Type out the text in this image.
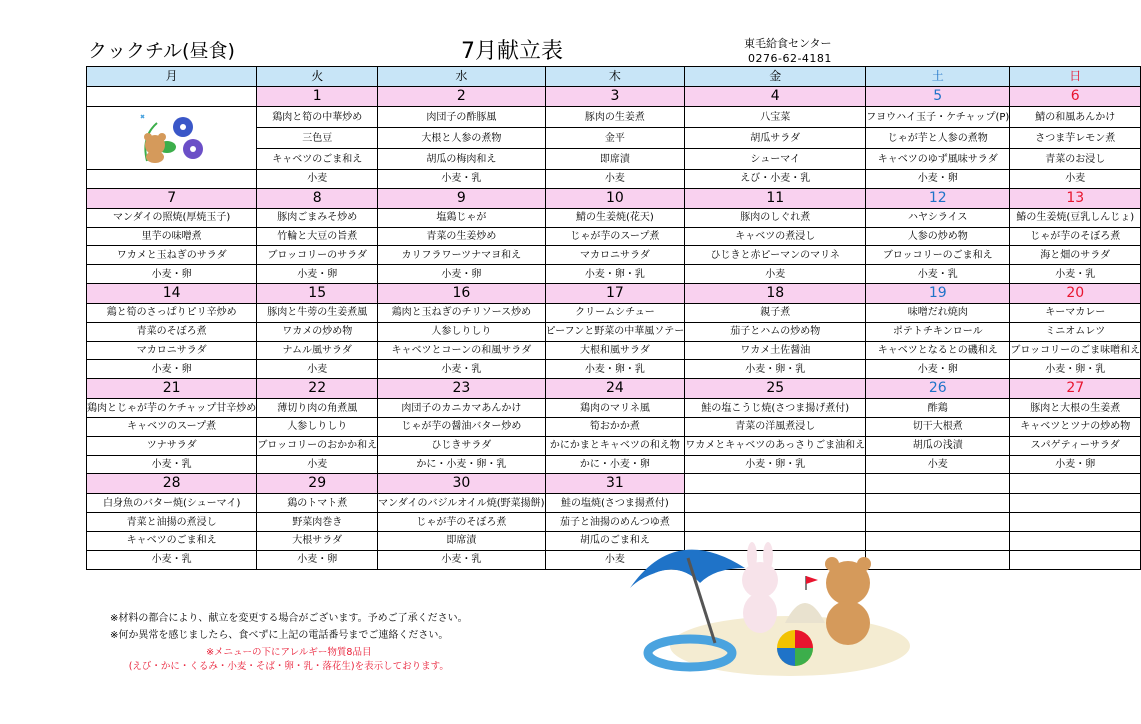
クックチル(昼食)	7月献立表	東毛給食センター
0276-62-4181
月	火	水	木	金	土	日
	1	2	3	4	5	6
	鶏肉と筍の中華炒め	肉団子の酢豚風	豚肉の生姜煮	八宝菜	フヨウハイ玉子・ケチャップ(P)	鯖の和風あんかけ
	三色豆	大根と人参の煮物	金平	胡瓜サラダ	じゃが芋と人参の煮物	さつま芋レモン煮
	キャベツのごま和え	胡瓜の梅肉和え	即席漬	シューマイ	キャベツのゆず風味サラダ	青菜のお浸し
	小麦	小麦・乳	小麦	えび・小麦・乳	小麦・卵	小麦
7	8	9	10	11	12	13
マンダイの照焼(厚焼玉子)	豚肉ごまみそ炒め	塩鶏じゃが	鯖の生姜焼(花天)	豚肉のしぐれ煮	ハヤシライス	鰆の生姜焼(豆乳しんじょ)
里芋の味噌煮	竹輪と大豆の旨煮	青菜の生姜炒め	じゃが芋のスープ煮	キャベツの煮浸し	人参の炒め物	じゃが芋のそぼろ煮
ワカメと玉ねぎのサラダ	ブロッコリーのサラダ	カリフラワーツナマヨ和え	マカロニサラダ	ひじきと赤ピーマンのマリネ	ブロッコリーのごま和え	海と畑のサラダ
小麦・卵	小麦・卵	小麦・卵	小麦・卵・乳	小麦	小麦・乳	小麦・乳
14	15	16	17	18	19	20
鶏と筍のさっぱりピリ辛炒め	豚肉と牛蒡の生姜煮風	鶏肉と玉ねぎのチリソース炒め	クリームシチュー	親子煮	味噌だれ焼肉	キーマカレー
青菜のそぼろ煮	ワカメの炒め物	人参しりしり	ピーフンと野菜の中華風ソテー	茄子とハムの炒め物	ポテトチキンロール	ミニオムレツ
マカロニサラダ	ナムル風サラダ	キャベツとコーンの和風サラダ	大根和風サラダ	ワカメ土佐醤油	キャベツとなるとの磯和え	ブロッコリーのごま味噌和え
小麦・卵	小麦	小麦・乳	小麦・卵・乳	小麦・卵・乳	小麦・卵	小麦・卵・乳
21	22	23	24	25	26	27
鶏肉とじゃが芋のケチャップ甘辛炒め	薄切り肉の角煮風	肉団子のカニカマあんかけ	鶏肉のマリネ風	鮭の塩こうじ焼(さつま揚げ煮付)	酢鶏	豚肉と大根の生姜煮
キャベツのスープ煮	人参しりしり	じゃが芋の醤油バター炒め	筍おかか煮	青菜の洋風煮浸し	切干大根煮	キャベツとツナの炒め物
ツナサラダ	ブロッコリーのおかか和え	ひじきサラダ	かにかまとキャベツの和え物	ワカメとキャベツのあっさりごま油和え	胡瓜の浅漬	スパゲティーサラダ
小麦・乳	小麦	かに・小麦・卵・乳	かに・小麦・卵	小麦・卵・乳	小麦	小麦・卵
28	29	30	31			
白身魚のバター焼(シューマイ)	鶏のトマト煮	マンダイのバジルオイル焼(野菜揚餅)	鮭の塩焼(さつま揚煮付)			
青菜と油揚の煮浸し	野菜肉巻き	じゃが芋のそぼろ煮	茄子と油揚のめんつゆ煮			
キャベツのごま和え	大根サラダ	即席漬	胡瓜のごま和え			
小麦・乳	小麦・卵	小麦・乳	小麦			
※材料の都合により、献立を変更する場合がございます。予めご了承ください。
※何か異常を感じましたら、食べずに上記の電話番号までご連絡ください。
※メニューの下にアレルギー物質8品目
(えび・かに・くるみ・小麦・そば・卵・乳・落花生)を表示しております。
